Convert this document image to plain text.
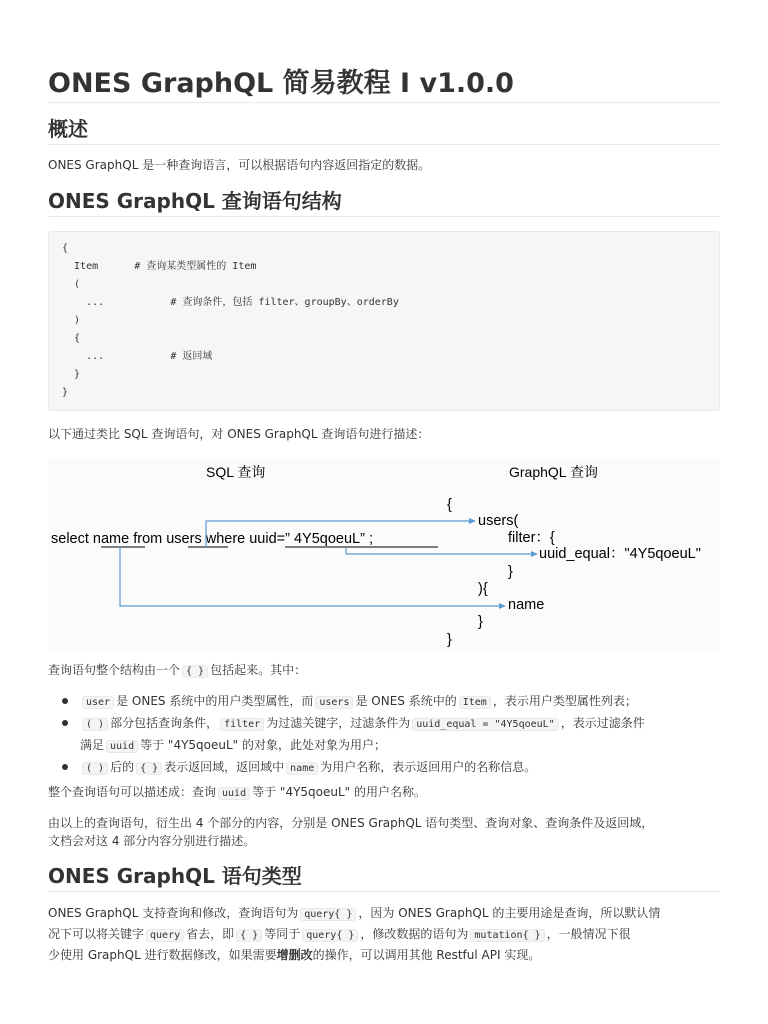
ONES GraphQL 简易教程 I v1.0.0
概述
ONES GraphQL 是一种查询语言，可以根据语句内容返回指定的数据。
ONES GraphQL 查询语句结构
{
Item      # 查询某类型属性的 Item
(
...           # 查询条件，包括 filter、groupBy、orderBy
)
{
...           # 返回域
}
}
以下通过类比 SQL 查询语句，对 ONES GraphQL 查询语句进行描述：
SQL 查询	GraphQL 查询
select name from users where uuid=” 4Y5qoeuL” ;
{
users(
filter：{
uuid_equal："4Y5qoeuL"
}
){
name
}
}
查询语句整个结构由一个 { } 包括起来。其中：
user 是 ONES 系统中的用户类型属性，而 users 是 ONES 系统中的 Item ，表示用户类型属性列表；
( ) 部分包括查询条件， filter 为过滤关键字，过滤条件为 uuid_equal = "4Y5qoeuL" ，表示过滤条件
满足 uuid 等于 "4Y5qoeuL" 的对象，此处对象为用户；
( ) 后的 { } 表示返回域，返回域中 name 为用户名称，表示返回用户的名称信息。
整个查询语句可以描述成：查询 uuid 等于 "4Y5qoeuL" 的用户名称。
由以上的查询语句，衍生出 4 个部分的内容，分别是 ONES GraphQL 语句类型、查询对象、查询条件及返回域，
文档会对这 4 部分内容分别进行描述。
ONES GraphQL 语句类型
ONES GraphQL 支持查询和修改，查询语句为 query{ } ，因为 ONES GraphQL 的主要用途是查询，所以默认情
况下可以将关键字 query 省去，即 { } 等同于 query{ } ，修改数据的语句为 mutation{ } ，一般情况下很
少使用 GraphQL 进行数据修改，如果需要增删改的操作，可以调用其他 Restful API 实现。
